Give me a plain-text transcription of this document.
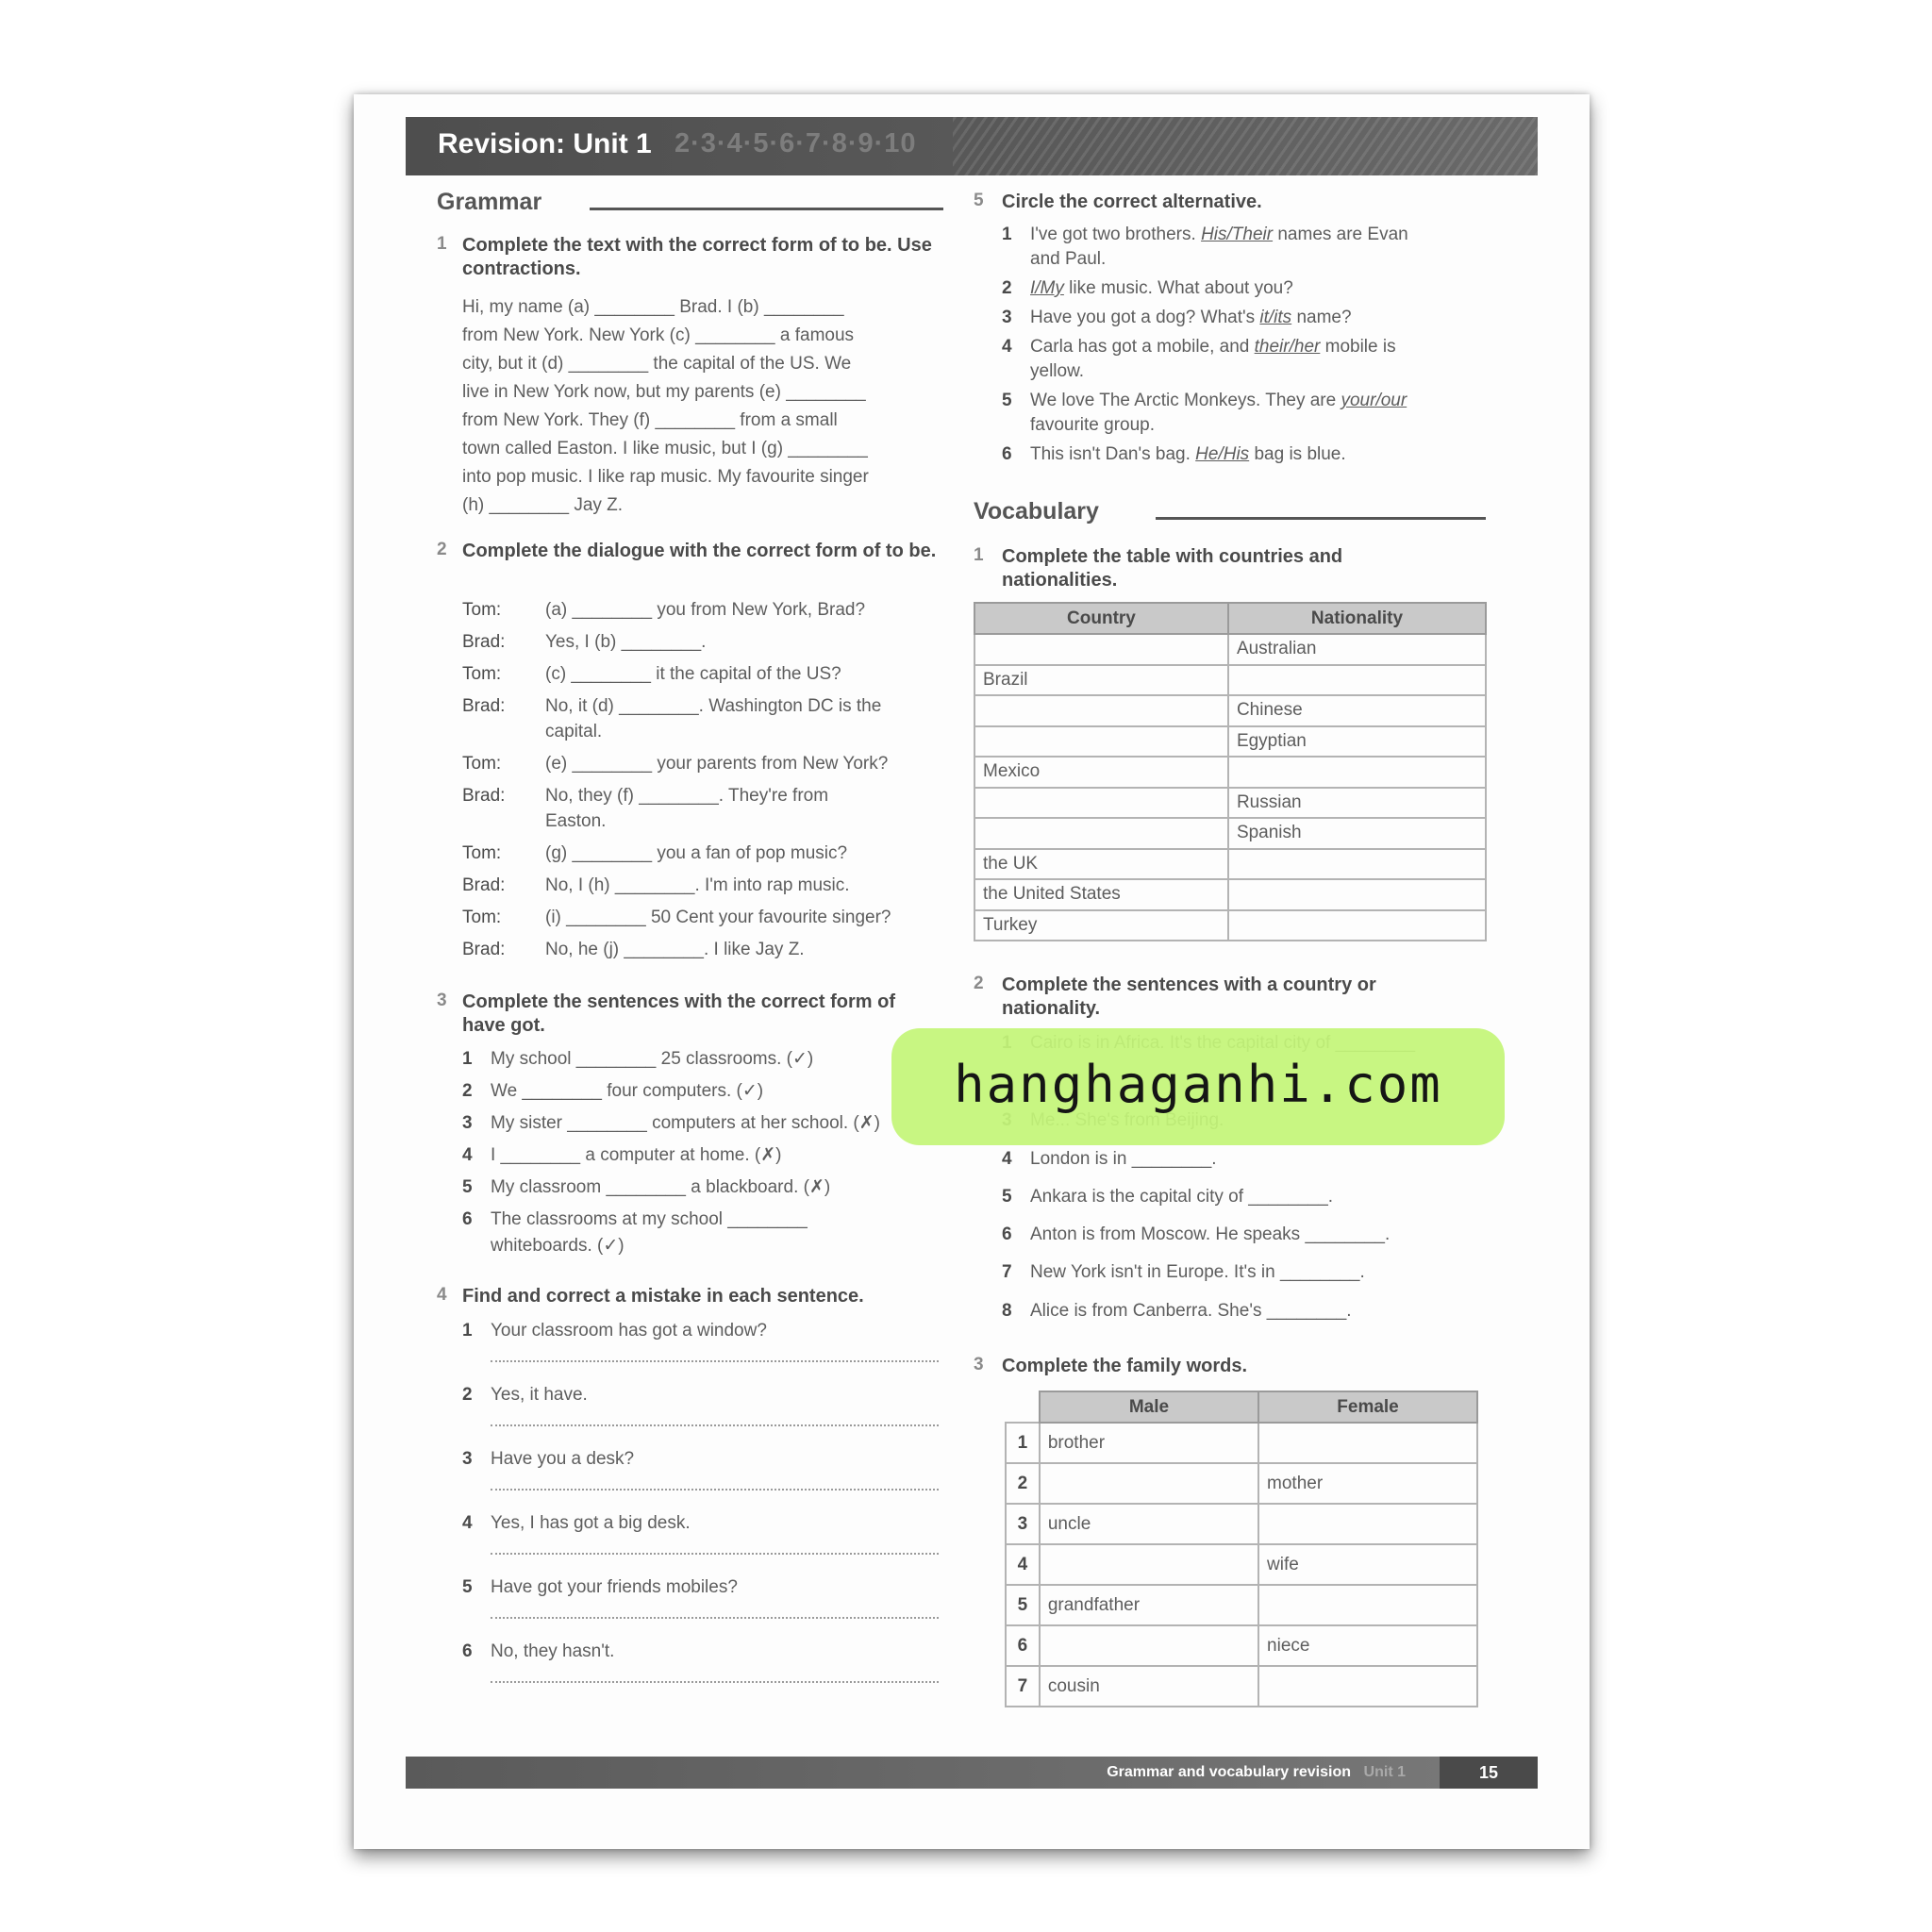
Revision: Unit 1 2·3·4·5·6·7·8·9·10
Grammar
1 Complete the text with the correct form of to be. Use contractions.
Hi, my name (a) ________ Brad. I (b) ________
from New York. New York (c) ________ a famous
city, but it (d) ________ the capital of the US. We
live in New York now, but my parents (e) ________
from New York. They (f) ________ from a small
town called Easton. I like music, but I (g) ________
into pop music. I like rap music. My favourite singer
(h) ________ Jay Z.
2 Complete the dialogue with the correct form of to be.
Tom: (a) ________ you from New York, Brad?
Brad: Yes, I (b) ________.
Tom: (c) ________ it the capital of the US?
Brad: No, it (d) ________. Washington DC is the
capital.
Tom: (e) ________ your parents from New York?
Brad: No, they (f) ________. They're from
Easton.
Tom: (g) ________ you a fan of pop music?
Brad: No, I (h) ________. I'm into rap music.
Tom: (i) ________ 50 Cent your favourite singer?
Brad: No, he (j) ________. I like Jay Z.
3 Complete the sentences with the correct form of have got.
1 My school ________ 25 classrooms. (✓)
2 We ________ four computers. (✓)
3 My sister ________ computers at her school. (✗)
4 I ________ a computer at home. (✗)
5 My classroom ________ a blackboard. (✗)
6 The classrooms at my school ________
whiteboards. (✓)
4 Find and correct a mistake in each sentence.
1 Your classroom has got a window?
2 Yes, it have.
3 Have you a desk?
4 Yes, I has got a big desk.
5 Have got your friends mobiles?
6 No, they hasn't.
5 Circle the correct alternative.
1 I've got two brothers. His/Their names are Evan
and Paul.
2 I/My like music. What about you?
3 Have you got a dog? What's it/its name?
4 Carla has got a mobile, and their/her mobile is
yellow.
5 We love The Arctic Monkeys. They are your/our
favourite group.
6 This isn't Dan's bag. He/His bag is blue.
Vocabulary
1 Complete the table with countries and nationalities.
Country	Nationality
	Australian
Brazil	
	Chinese
	Egyptian
Mexico	
	Russian
	Spanish
the UK	
the United States	
Turkey	
2 Complete the sentences with a country or nationality.
4 London is in ________.
5 Ankara is the capital city of ________.
6 Anton is from Moscow. He speaks ________.
7 New York isn't in Europe. It's in ________.
8 Alice is from Canberra. She's ________.
3 Complete the family words.
	Male	Female
1	brother	
2		mother
3	uncle	
4		wife
5	grandfather	
6		niece
7	cousin	
Grammar and vocabulary revision Unit 1	15
hanghaganhi.com
